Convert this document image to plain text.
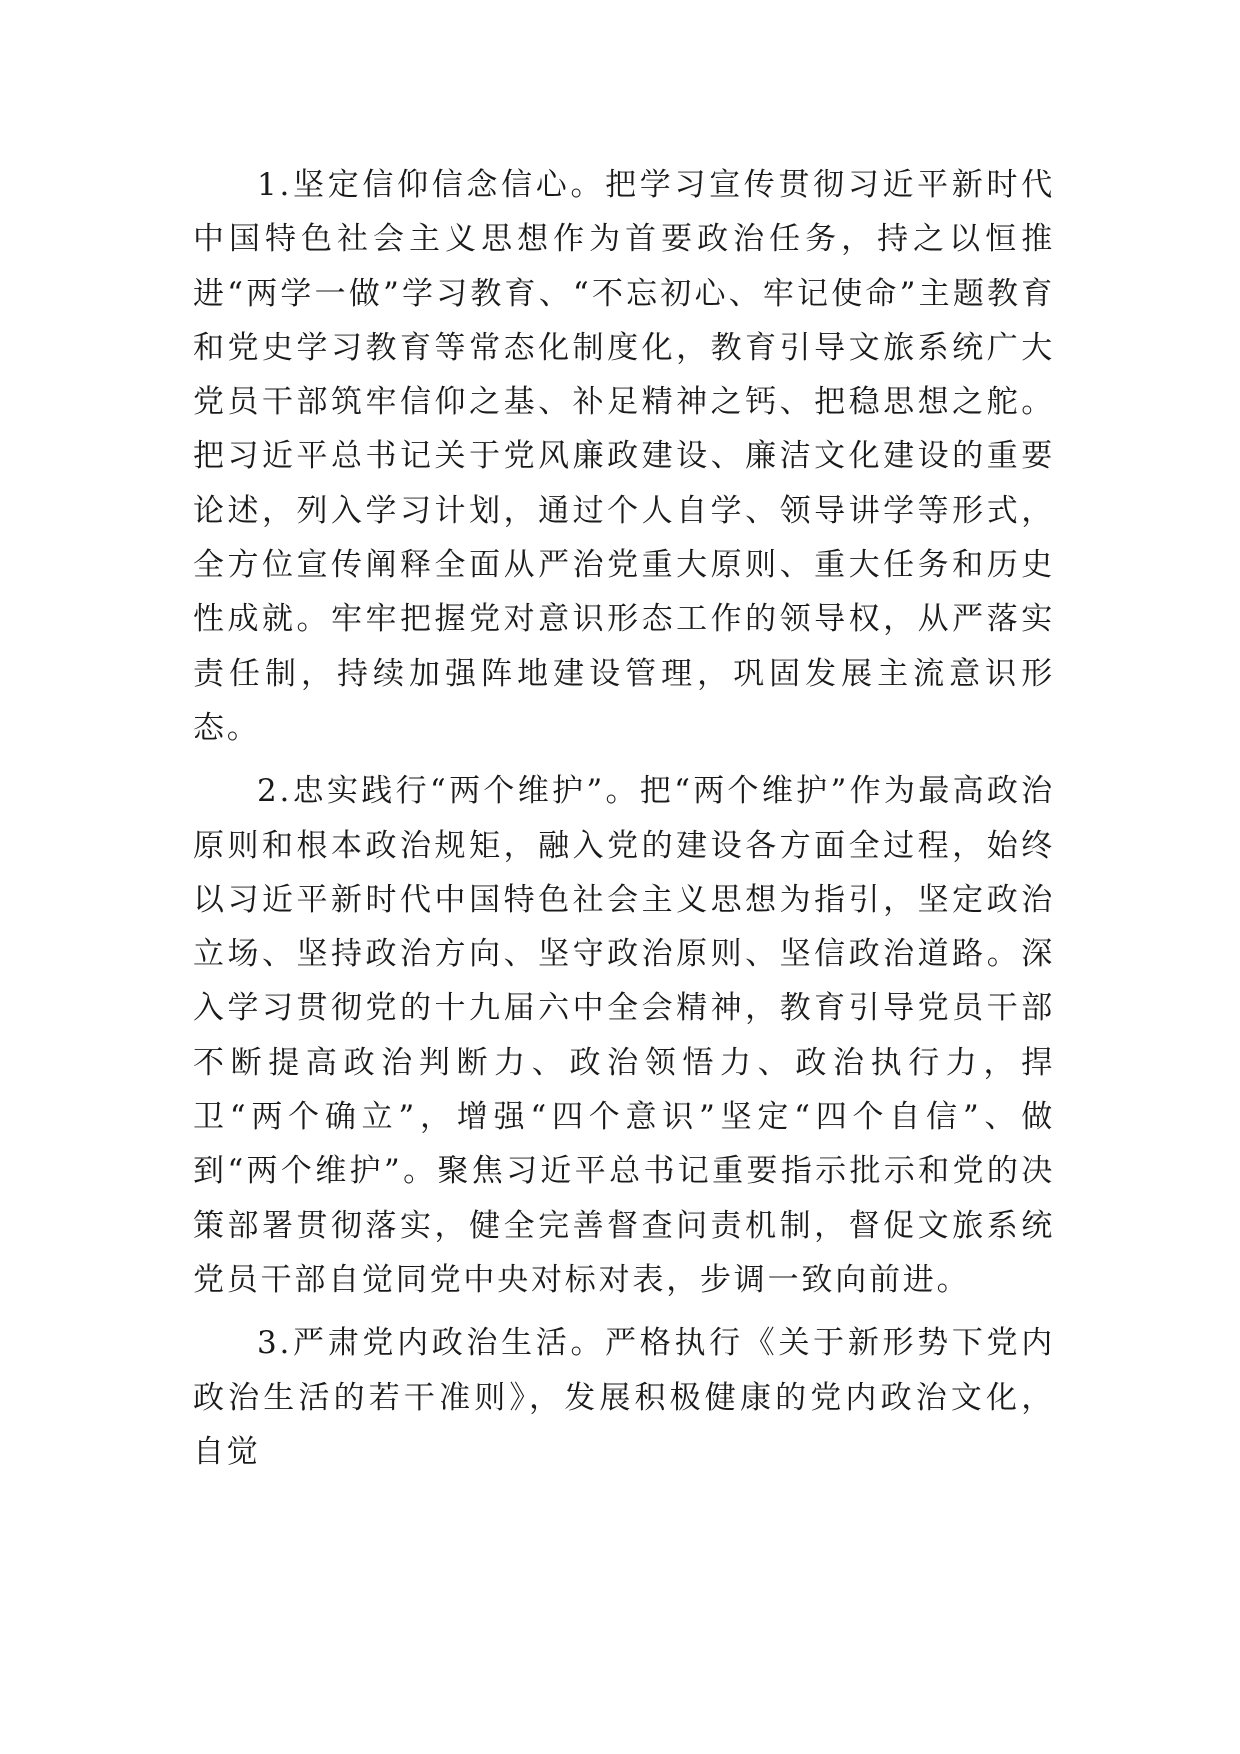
1.坚定信仰信念信心。把学习宣传贯彻习近平新时代中国特色社会主义思想作为首要政治任务，持之以恒推进“两学一做”学习教育、“不忘初心、牢记使命”主题教育和党史学习教育等常态化制度化，教育引导文旅系统广大党员干部筑牢信仰之基、补足精神之钙、把稳思想之舵。把习近平总书记关于党风廉政建设、廉洁文化建设的重要论述，列入学习计划，通过个人自学、领导讲学等形式，全方位宣传阐释全面从严治党重大原则、重大任务和历史性成就。牢牢把握党对意识形态工作的领导权，从严落实责任制，持续加强阵地建设管理，巩固发展主流意识形态。

2.忠实践行“两个维护”。把“两个维护”作为最高政治原则和根本政治规矩，融入党的建设各方面全过程，始终以习近平新时代中国特色社会主义思想为指引，坚定政治立场、坚持政治方向、坚守政治原则、坚信政治道路。深入学习贯彻党的十九届六中全会精神，教育引导党员干部不断提高政治判断力、政治领悟力、政治执行力，捍卫“两个确立”，增强“四个意识”坚定“四个自信”、做到“两个维护”。聚焦习近平总书记重要指示批示和党的决策部署贯彻落实，健全完善督查问责机制，督促文旅系统党员干部自觉同党中央对标对表，步调一致向前进。

3.严肃党内政治生活。严格执行《关于新形势下党内政治生活的若干准则》，发展积极健康的党内政治文化， 自觉
